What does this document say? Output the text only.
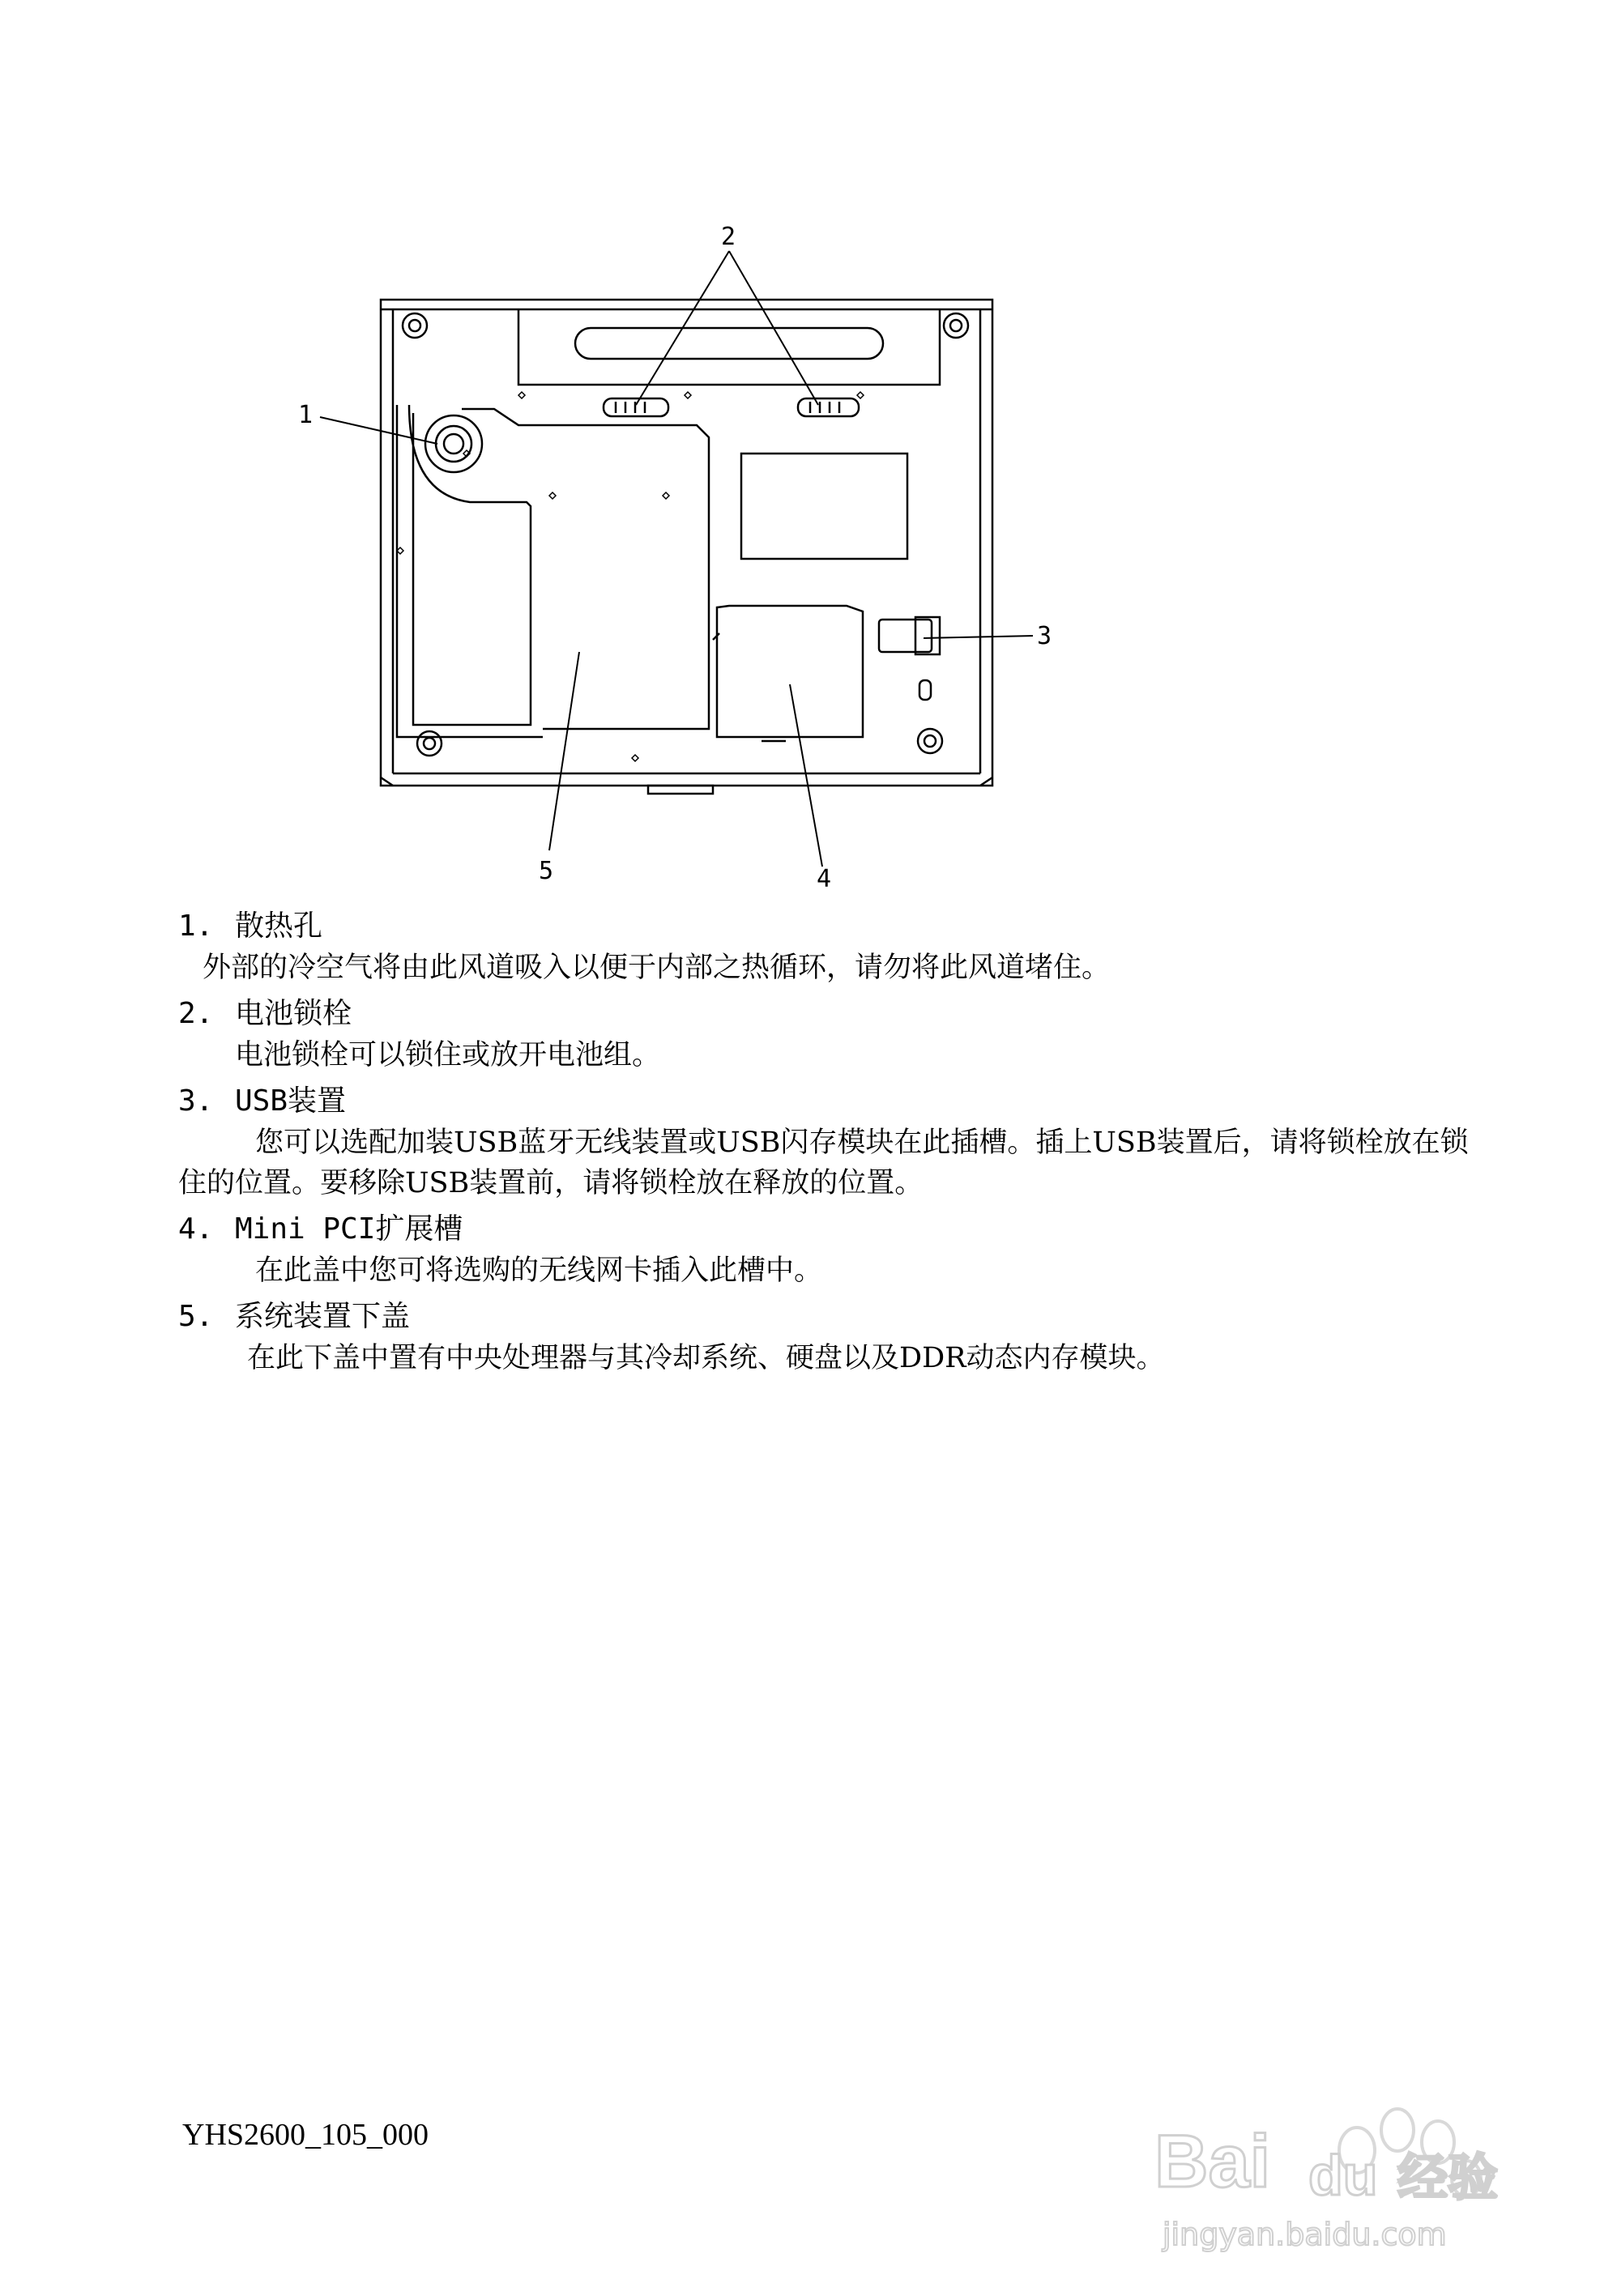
1
2
3
4
5

1. 散热孔

外部的冷空气将由此风道吸入以便于内部之热循环，请勿将此风道堵住。

2. 电池锁栓

电池锁栓可以锁住或放开电池组。

3. USB装置

您可以选配加装USB蓝牙无线装置或USB闪存模块在此插槽。插上USB装置后，请将锁栓放在锁住的位置。要移除USB装置前，请将锁栓放在释放的位置。

4. Mini PCI扩展槽

在此盖中您可将选购的无线网卡插入此槽中。

5. 系统装置下盖

在此下盖中置有中央处理器与其冷却系统、硬盘以及DDR动态内存模块。

YHS2600_105_000	Bai du 经验
jingyan.baidu.com
